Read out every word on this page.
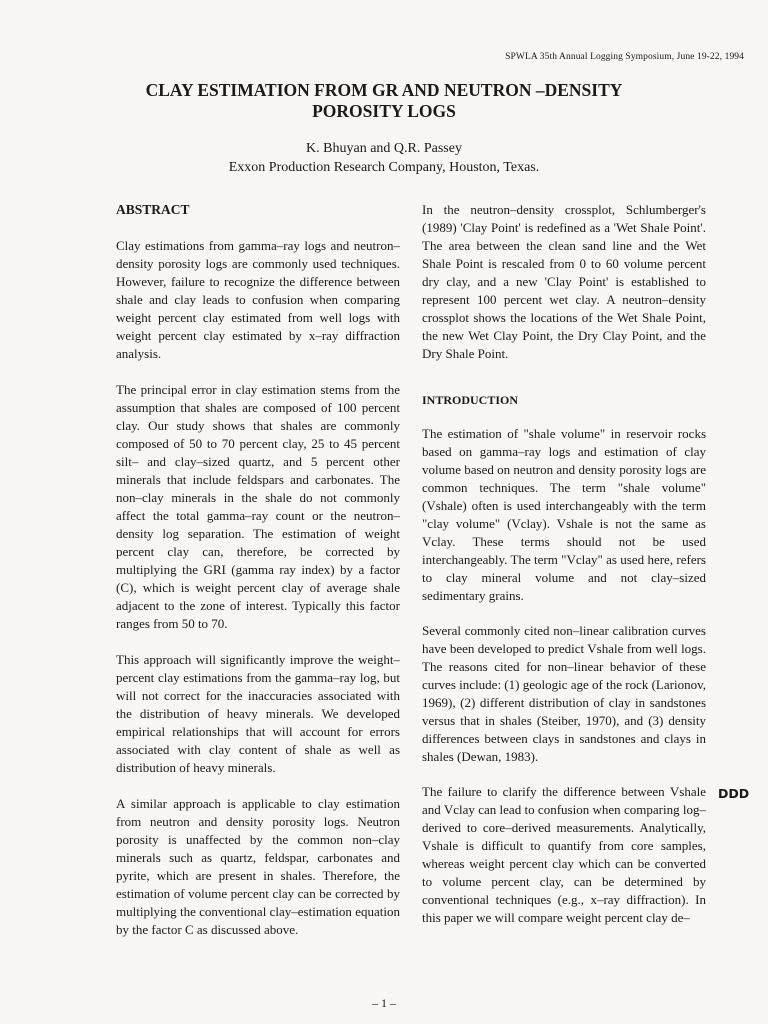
SPWLA 35th Annual Logging Symposium, June 19-22, 1994
CLAY ESTIMATION FROM GR AND NEUTRON –DENSITY
POROSITY LOGS
K. Bhuyan and Q.R. Passey
Exxon Production Research Company, Houston, Texas.
ABSTRACT

Clay estimations from gamma–ray logs and neutron–density porosity logs are commonly used techniques. However, failure to recognize the difference between shale and clay leads to confusion when comparing weight percent clay estimated from well logs with weight percent clay estimated by x–ray diffraction analysis.

The principal error in clay estimation stems from the assumption that shales are composed of 100 percent clay. Our study shows that shales are commonly composed of 50 to 70 percent clay, 25 to 45 percent silt– and clay–sized quartz, and 5 percent other minerals that include feldspars and carbonates. The non–clay minerals in the shale do not commonly affect the total gamma–ray count or the neutron–density log separation. The estimation of weight percent clay can, therefore, be corrected by multiplying the GRI (gamma ray index) by a factor (C), which is weight percent clay of average shale adjacent to the zone of interest. Typically this factor ranges from 50 to 70.

This approach will significantly improve the weight–percent clay estimations from the gamma–ray log, but will not correct for the inaccuracies associated with the distribution of heavy minerals. We developed empirical relationships that will account for errors associated with clay content of shale as well as distribution of heavy minerals.

A similar approach is applicable to clay estimation from neutron and density porosity logs. Neutron porosity is unaffected by the common non–clay minerals such as quartz, feldspar, carbonates and pyrite, which are present in shales. Therefore, the estimation of volume percent clay can be corrected by multiplying the conventional clay–estimation equation by the factor C as discussed above.

In the neutron–density crossplot, Schlumberger's (1989) 'Clay Point' is redefined as a 'Wet Shale Point'. The area between the clean sand line and the Wet Shale Point is rescaled from 0 to 60 volume percent dry clay, and a new 'Clay Point' is established to represent 100 percent wet clay. A neutron–density crossplot shows the locations of the Wet Shale Point, the new Wet Clay Point, the Dry Clay Point, and the Dry Shale Point.

INTRODUCTION

The estimation of "shale volume" in reservoir rocks based on gamma–ray logs and estimation of clay volume based on neutron and density porosity logs are common techniques. The term "shale volume" (Vshale) often is used interchangeably with the term "clay volume" (Vclay). Vshale is not the same as Vclay. These terms should not be used interchangeably. The term "Vclay" as used here, refers to clay mineral volume and not clay–sized sedimentary grains.

Several commonly cited non–linear calibration curves have been developed to predict Vshale from well logs. The reasons cited for non–linear behavior of these curves include: (1) geologic age of the rock (Larionov, 1969), (2) different distribution of clay in sandstones versus that in shales (Steiber, 1970), and (3) density differences between clays in sandstones and clays in shales (Dewan, 1983).

The failure to clarify the difference between Vshale and Vclay can lead to confusion when comparing log–derived to core–derived measurements. Analytically, Vshale is difficult to quantify from core samples, whereas weight percent clay which can be converted to volume percent clay, can be determined by conventional techniques (e.g., x–ray diffraction). In this paper we will compare weight percent clay de–

DDD
– 1 –
